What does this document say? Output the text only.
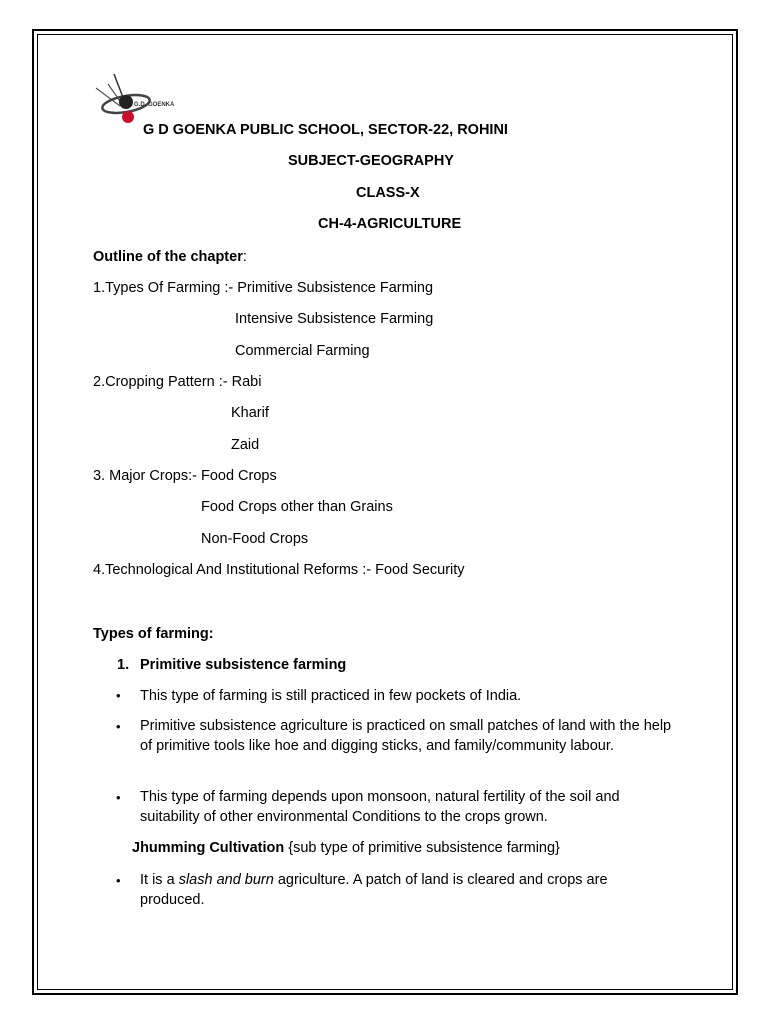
G.D. GOENKA
G D GOENKA PUBLIC SCHOOL, SECTOR-22, ROHINI
SUBJECT-GEOGRAPHY
CLASS-X
CH-4-AGRICULTURE
Outline of the chapter:
1.Types Of Farming :- Primitive Subsistence Farming
Intensive Subsistence Farming
Commercial Farming
2.Cropping Pattern :- Rabi
Kharif
Zaid
3. Major Crops:- Food Crops
Food Crops other than Grains
Non-Food Crops
4.Technological And Institutional Reforms :- Food Security
Types of farming:
1. Primitive subsistence farming
• This type of farming is still practiced in few pockets of India.
• Primitive subsistence agriculture is practiced on small patches of land with the help of primitive tools like hoe and digging sticks, and family/community labour.
• This type of farming depends upon monsoon, natural fertility of the soil and suitability of other environmental Conditions to the crops grown.
Jhumming Cultivation {sub type of primitive subsistence farming}
• It is a slash and burn agriculture. A patch of land is cleared and crops are produced.
